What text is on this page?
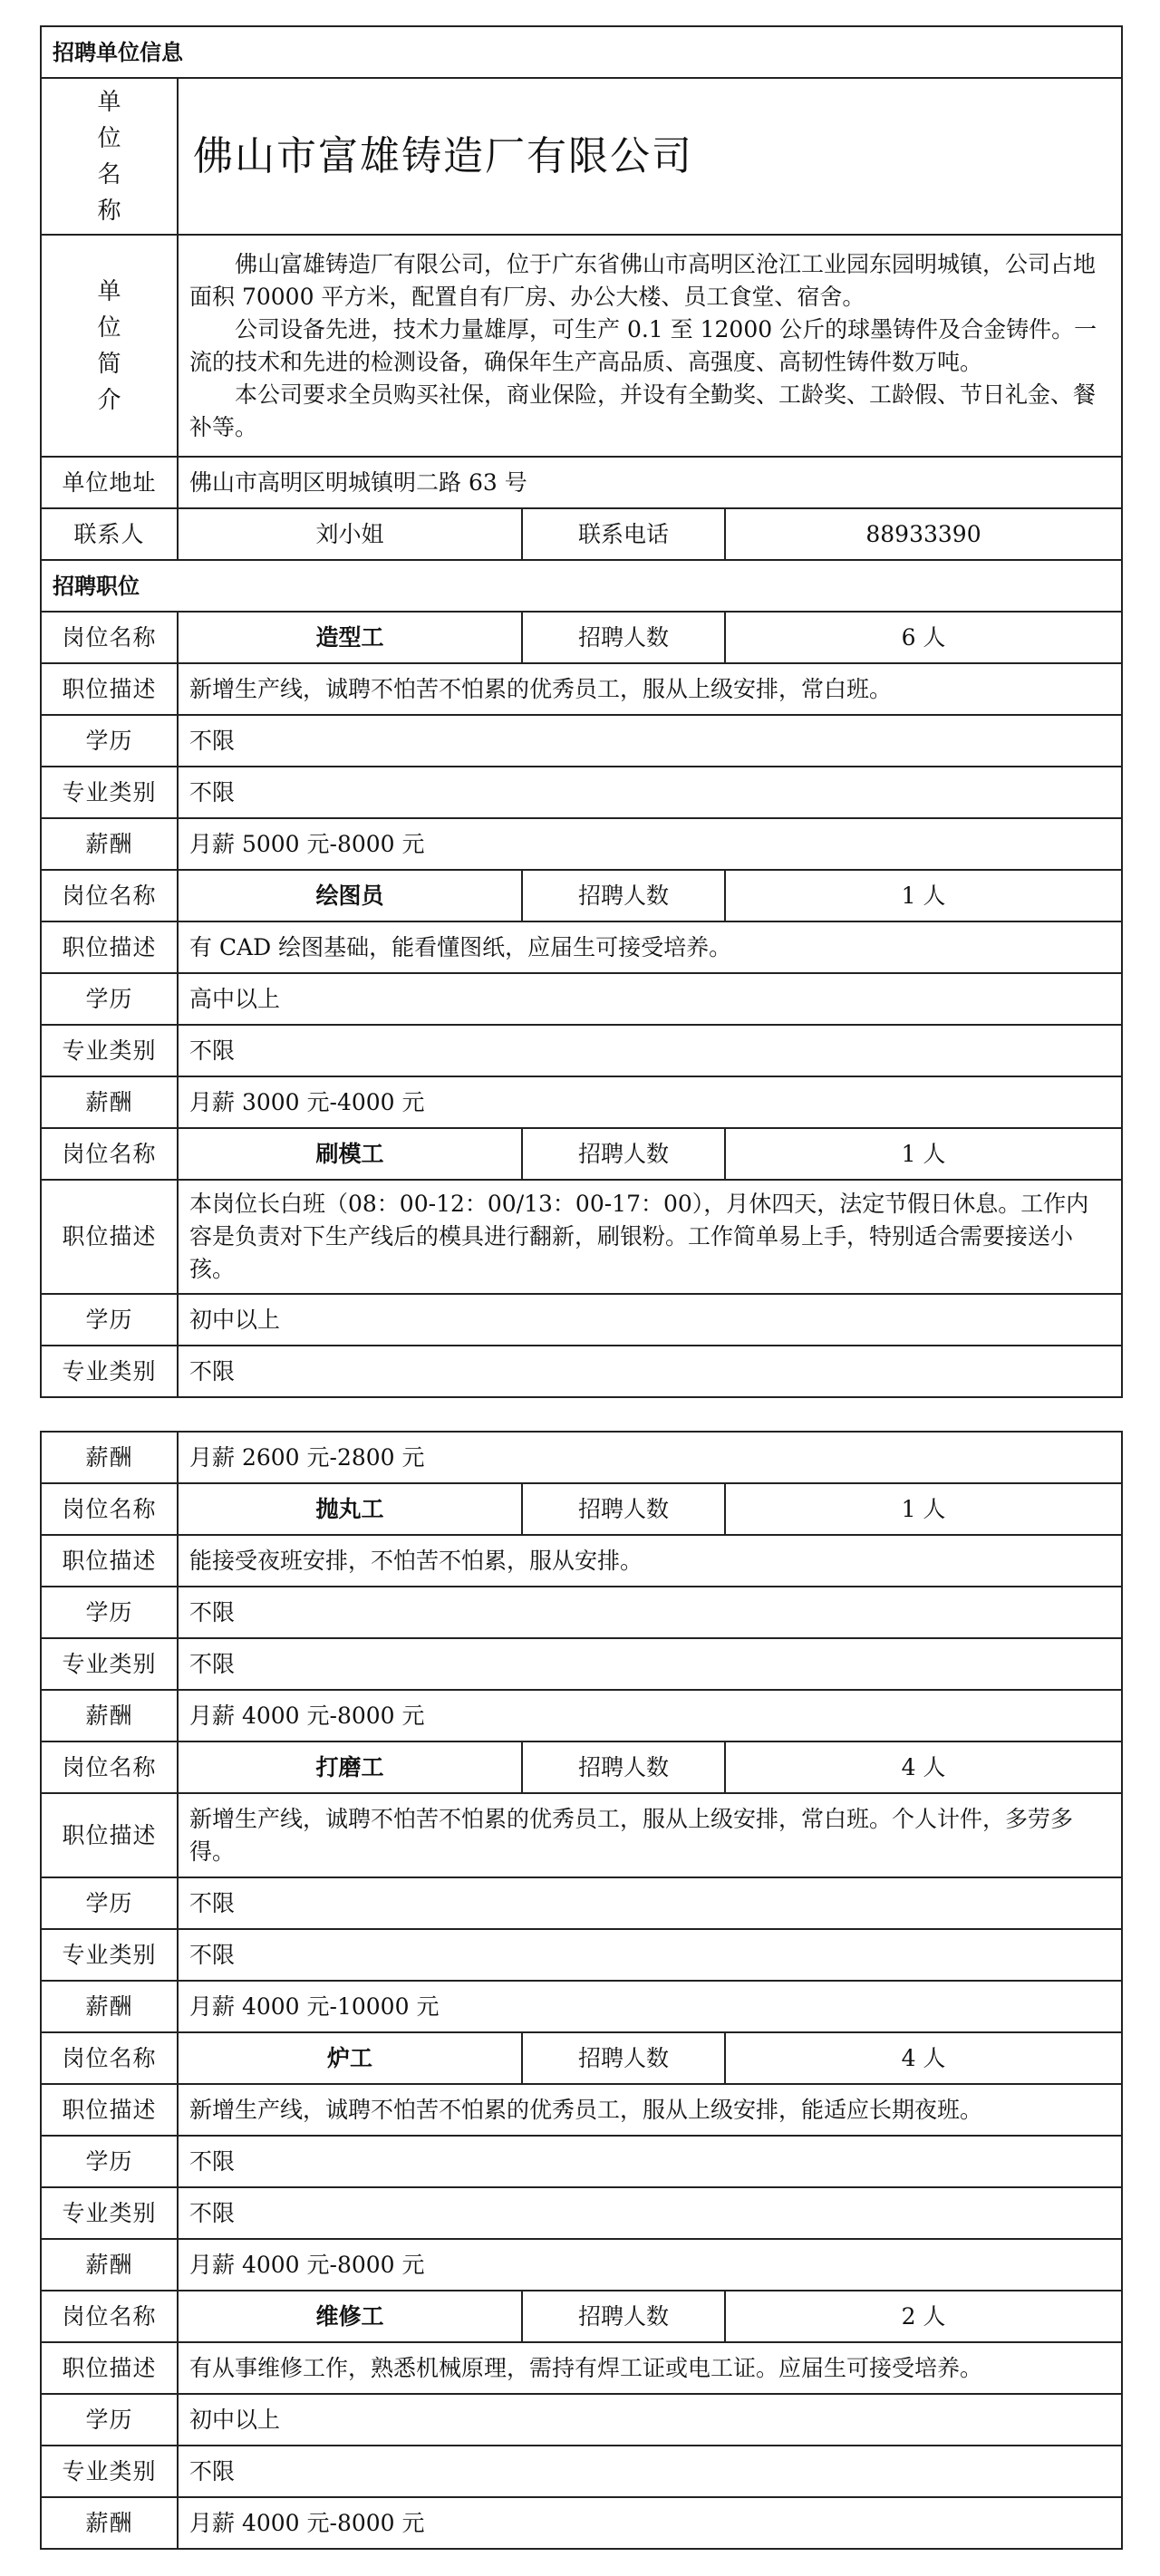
招聘单位信息			

单位名称	佛山市富雄铸造厂有限公司		

单位简介	佛山富雄铸造厂有限公司，位于广东省佛山市高明区沧江工业园东园明城镇，公司占地面积 70000 平方米，配置自有厂房、办公大楼、员工食堂、宿舍。

公司设备先进，技术力量雄厚，可生产 0.1 至 12000 公斤的球墨铸件及合金铸件。一流的技术和先进的检测设备，确保年生产高品质、高强度、高韧性铸件数万吨。

本公司要求全员购买社保，商业保险，并设有全勤奖、工龄奖、工龄假、节日礼金、餐补等。		

单位地址	佛山市高明区明城镇明二路 63 号		
联系人	刘小姐	联系电话	88933390
招聘职位			
岗位名称	造型工	招聘人数	6 人
职位描述	新增生产线，诚聘不怕苦不怕累的优秀员工，服从上级安排，常白班。		
学历	不限		
专业类别	不限		
薪酬	月薪 5000 元-8000 元		
岗位名称	绘图员	招聘人数	1 人
职位描述	有 CAD 绘图基础，能看懂图纸，应届生可接受培养。		
学历	高中以上		
专业类别	不限		
薪酬	月薪 3000 元-4000 元		
岗位名称	刷模工	招聘人数	1 人
职位描述	本岗位长白班（08：00-12：00/13：00-17：00），月休四天，法定节假日休息。工作内容是负责对下生产线后的模具进行翻新，刷银粉。工作简单易上手，特别适合需要接送小孩。		
学历	初中以上		
专业类别	不限		
薪酬	月薪 2600 元-2800 元		
岗位名称	抛丸工	招聘人数	1 人
职位描述	能接受夜班安排，不怕苦不怕累，服从安排。		
学历	不限		
专业类别	不限		
薪酬	月薪 4000 元-8000 元		
岗位名称	打磨工	招聘人数	4 人
职位描述	新增生产线，诚聘不怕苦不怕累的优秀员工，服从上级安排，常白班。个人计件，多劳多得。		
学历	不限		
专业类别	不限		
薪酬	月薪 4000 元-10000 元		
岗位名称	炉工	招聘人数	4 人
职位描述	新增生产线，诚聘不怕苦不怕累的优秀员工，服从上级安排，能适应长期夜班。		
学历	不限		
专业类别	不限		
薪酬	月薪 4000 元-8000 元		
岗位名称	维修工	招聘人数	2 人
职位描述	有从事维修工作，熟悉机械原理，需持有焊工证或电工证。应届生可接受培养。		
学历	初中以上		
专业类别	不限		
薪酬	月薪 4000 元-8000 元		
